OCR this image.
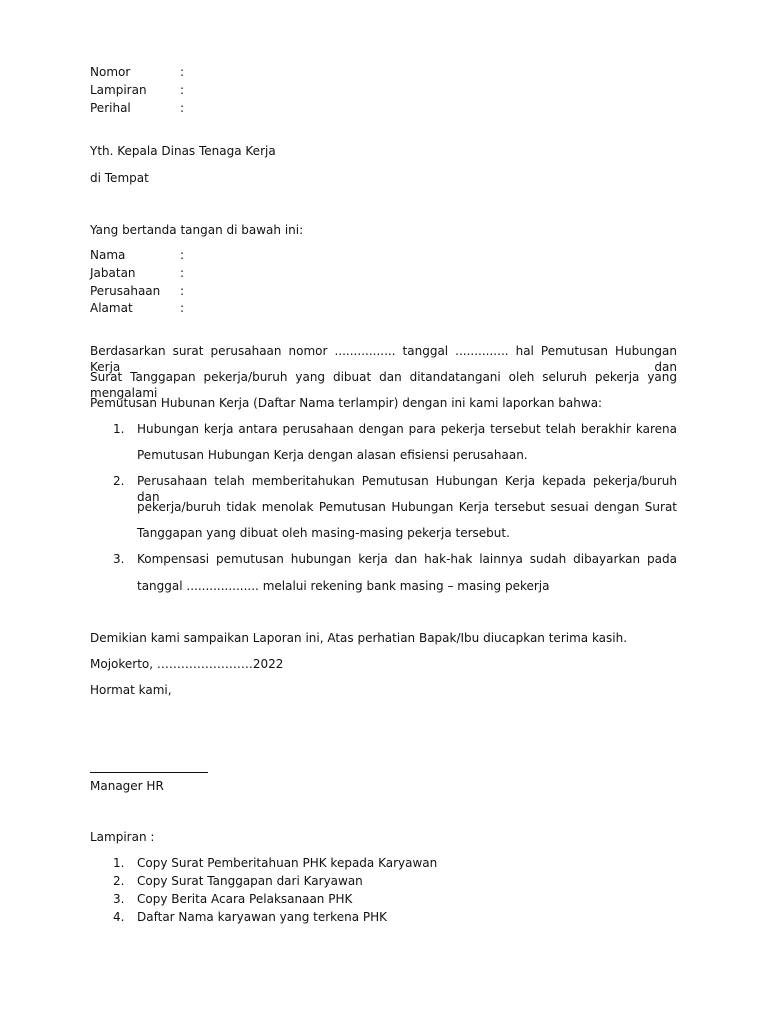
Nomor	:
Lampiran	:
Perihal	:
Yth. Kepala Dinas Tenaga Kerja
di Tempat
Yang bertanda tangan di bawah ini:
Nama	:
Jabatan	:
Perusahaan :
Alamat	:
Berdasarkan surat perusahaan nomor ................ tanggal .............. hal Pemutusan Hubungan Kerja dan
Surat Tanggapan pekerja/buruh yang dibuat dan ditandatangani oleh seluruh pekerja yang mengalami
Pemutusan Hubunan Kerja (Daftar Nama terlampir) dengan ini kami laporkan bahwa:
1. Hubungan kerja antara perusahaan dengan para pekerja tersebut telah berakhir karena
Pemutusan Hubungan Kerja dengan alasan efisiensi perusahaan.
2. Perusahaan telah memberitahukan Pemutusan Hubungan Kerja kepada pekerja/buruh dan
pekerja/buruh tidak menolak Pemutusan Hubungan Kerja tersebut sesuai dengan Surat
Tanggapan yang dibuat oleh masing-masing pekerja tersebut.
3. Kompensasi pemutusan hubungan kerja dan hak-hak lainnya sudah dibayarkan pada
tanggal ................... melalui rekening bank masing – masing pekerja
Demikian kami sampaikan Laporan ini, Atas perhatian Bapak/Ibu diucapkan terima kasih.
Mojokerto, ……………………2022
Hormat kami,
Manager HR
Lampiran :
1. Copy Surat Pemberitahuan PHK kepada Karyawan
2. Copy Surat Tanggapan dari Karyawan
3. Copy Berita Acara Pelaksanaan PHK
4. Daftar Nama karyawan yang terkena PHK
